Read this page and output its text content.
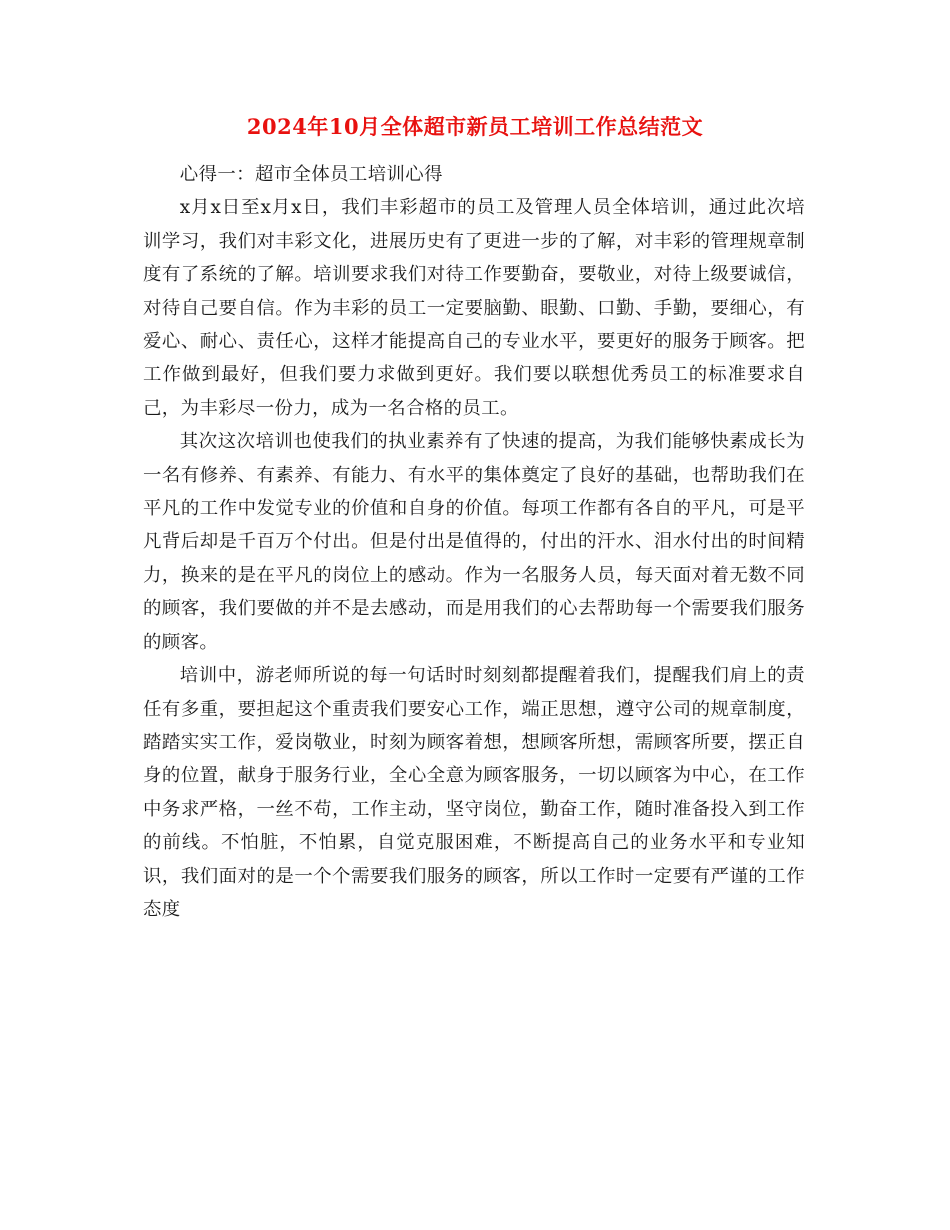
2024年10月全体超市新员工培训工作总结范文

心得一：超市全体员工培训心得

x月x日至x月x日，我们丰彩超市的员工及管理人员全体培训，通过此次培训学习，我们对丰彩文化，进展历史有了更进一步的了解，对丰彩的管理规章制度有了系统的了解。培训要求我们对待工作要勤奋，要敬业，对待上级要诚信，对待自己要自信。作为丰彩的员工一定要脑勤、眼勤、口勤、手勤，要细心，有爱心、耐心、责任心，这样才能提高自己的专业水平，要更好的服务于顾客。把工作做到最好，但我们要力求做到更好。我们要以联想优秀员工的标准要求自己，为丰彩尽一份力，成为一名合格的员工。

其次这次培训也使我们的执业素养有了快速的提高，为我们能够快素成长为一名有修养、有素养、有能力、有水平的集体奠定了良好的基础，也帮助我们在平凡的工作中发觉专业的价值和自身的价值。每项工作都有各自的平凡，可是平凡背后却是千百万个付出。但是付出是值得的，付出的汗水、泪水付出的时间精力，换来的是在平凡的岗位上的感动。作为一名服务人员，每天面对着无数不同的顾客，我们要做的并不是去感动，而是用我们的心去帮助每一个需要我们服务的顾客。

培训中，游老师所说的每一句话时时刻刻都提醒着我们，提醒我们肩上的责任有多重，要担起这个重责我们要安心工作，端正思想，遵守公司的规章制度，踏踏实实工作，爱岗敬业，时刻为顾客着想，想顾客所想，需顾客所要，摆正自身的位置，献身于服务行业，全心全意为顾客服务，一切以顾客为中心，在工作中务求严格，一丝不苟，工作主动，坚守岗位，勤奋工作，随时准备投入到工作的前线。不怕脏，不怕累，自觉克服困难，不断提高自己的业务水平和专业知识，我们面对的是一个个需要我们服务的顾客，所以工作时一定要有严谨的工作态度
